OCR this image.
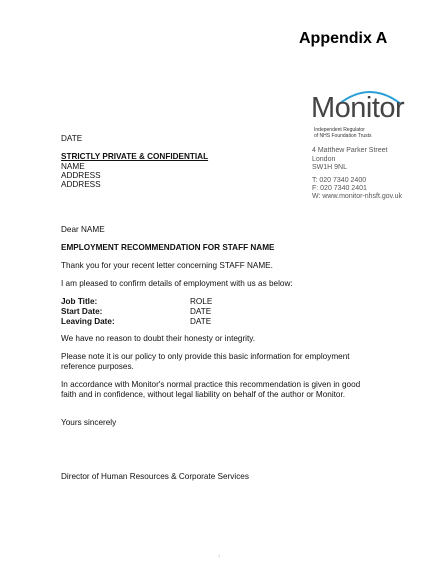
Appendix A
Monitor
Independent Regulator
of NHS Foundation Trusts
4 Matthew Parker Street
London
SW1H 9NL
T: 020 7340 2400
F: 020 7340 2401
W: www.monitor-nhsft.gov.uk
DATE
STRICTLY PRIVATE & CONFIDENTIAL
NAME
ADDRESS
ADDRESS
Dear NAME
EMPLOYMENT RECOMMENDATION FOR STAFF NAME
Thank you for your recent letter concerning STAFF NAME.
I am pleased to confirm details of employment with us as below:
Job Title:	ROLE
Start Date:	DATE
Leaving Date:	DATE
We have no reason to doubt their honesty or integrity.
Please note it is our policy to only provide this basic information for employment reference purposes.
In accordance with Monitor's normal practice this recommendation is given in good faith and in confidence, without legal liability on behalf of the author or Monitor.
Yours sincerely
Director of Human Resources & Corporate Services
1
